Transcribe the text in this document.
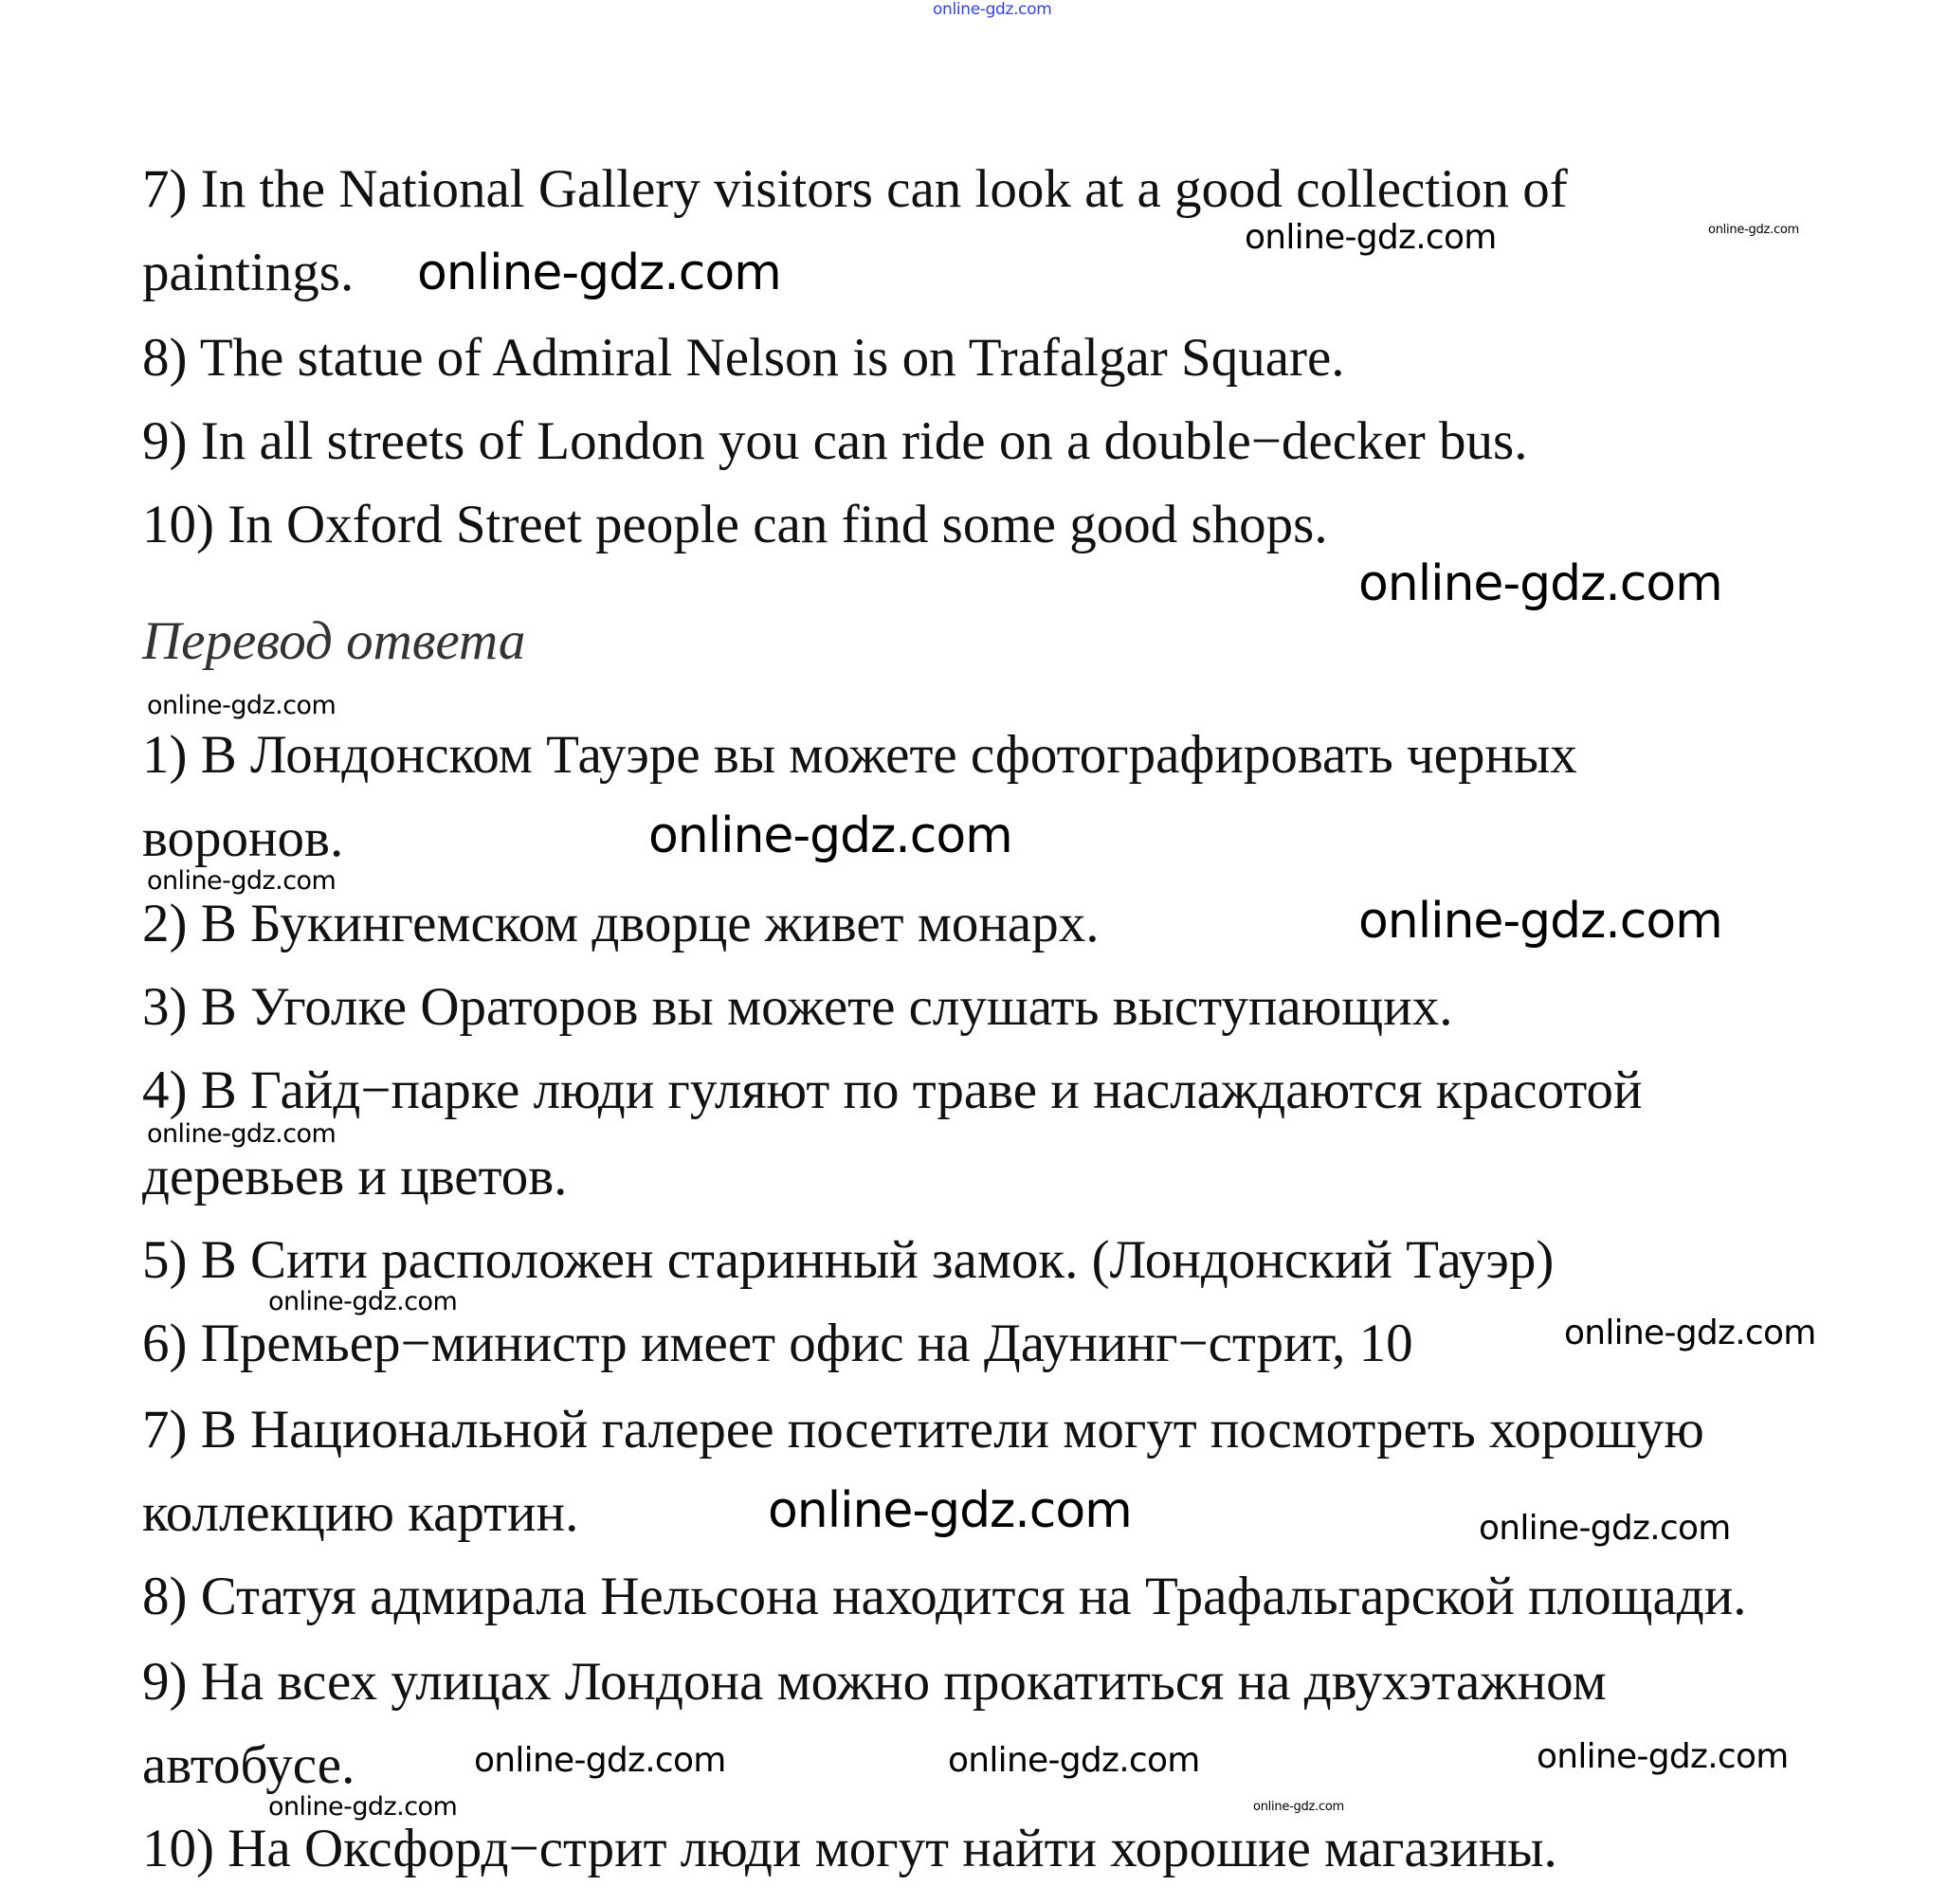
online-gdz.com
7) In the National Gallery visitors can look at a good collection of
paintings.
8) The statue of Admiral Nelson is on Trafalgar Square.
9) In all streets of London you can ride on a double−decker bus.
10) In Oxford Street people can find some good shops.
Перевод ответа
1) В Лондонском Тауэре вы можете сфотографировать черных
воронов.
2) В Букингемском дворце живет монарх.
3) В Уголке Ораторов вы можете слушать выступающих.
4) В Гайд−парке люди гуляют по траве и наслаждаются красотой
деревьев и цветов.
5) В Сити расположен старинный замок. (Лондонский Тауэр)
6) Премьер−министр имеет офис на Даунинг−стрит, 10
7) В Национальной галерее посетители могут посмотреть хорошую
коллекцию картин.
8) Статуя адмирала Нельсона находится на Трафальгарской площади.
9) На всех улицах Лондона можно прокатиться на двухэтажном
автобусе.
10) На Оксфорд−стрит люди могут найти хорошие магазины.
online-gdz.com	online-gdz.com
online-gdz.com
online-gdz.com
online-gdz.com
online-gdz.com
online-gdz.com
online-gdz.com
online-gdz.com
online-gdz.com
online-gdz.com
online-gdz.com
online-gdz.com
online-gdz.com
online-gdz.com
online-gdz.com
online-gdz.com
online-gdz.com
